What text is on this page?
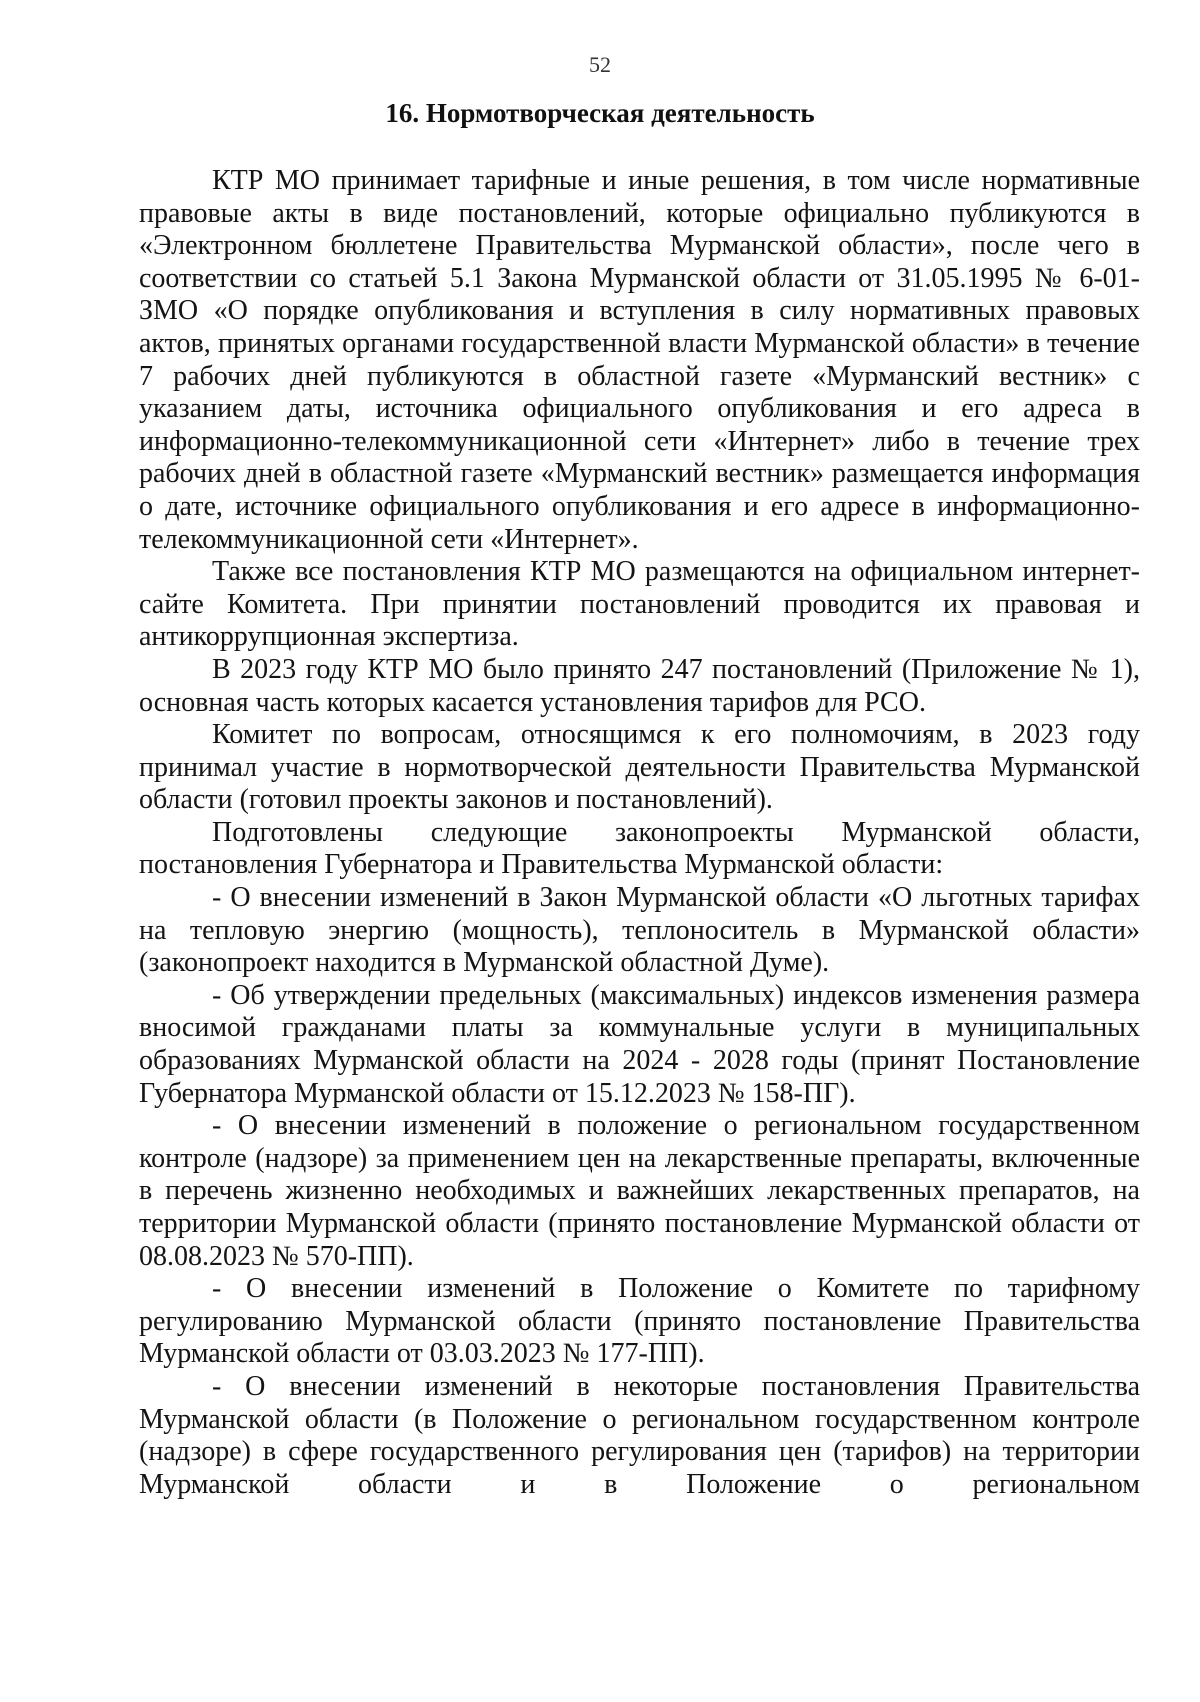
52
16. Нормотворческая деятельность

КТР МО принимает тарифные и иные решения, в том числе нормативные правовые акты в виде постановлений, которые официально публикуются в «Электронном бюллетене Правительства Мурманской области», после чего в соответствии со статьей 5.1 Закона Мурманской области от 31.05.1995 № 6-01-ЗМО «О порядке опубликования и вступления в силу нормативных правовых актов, принятых органами государственной власти Мурманской области» в течение 7 рабочих дней публикуются в областной газете «Мурманский вестник» с указанием даты, источника официального опубликования и его адреса в информационно-телекоммуникационной сети «Интернет» либо в течение трех рабочих дней в областной газете «Мурманский вестник» размещается информация о дате, источнике официального опубликования и его адресе в информационно-телекоммуникационной сети «Интернет».

Также все постановления КТР МО размещаются на официальном интернет-сайте Комитета. При принятии постановлений проводится их правовая и антикоррупционная экспертиза.

В 2023 году КТР МО было принято 247 постановлений (Приложение № 1), основная часть которых касается установления тарифов для РСО.

Комитет по вопросам, относящимся к его полномочиям, в 2023 году принимал участие в нормотворческой деятельности Правительства Мурманской области (готовил проекты законов и постановлений).

Подготовлены следующие законопроекты Мурманской области, постановления Губернатора и Правительства Мурманской области:

- О внесении изменений в Закон Мурманской области «О льготных тарифах на тепловую энергию (мощность), теплоноситель в Мурманской области» (законопроект находится в Мурманской областной Думе).

- Об утверждении предельных (максимальных) индексов изменения размера вносимой гражданами платы за коммунальные услуги в муниципальных образованиях Мурманской области на 2024 - 2028 годы (принят Постановление Губернатора Мурманской области от 15.12.2023 № 158-ПГ).

- О внесении изменений в положение о региональном государственном контроле (надзоре) за применением цен на лекарственные препараты, включенные в перечень жизненно необходимых и важнейших лекарственных препаратов, на территории Мурманской области (принято постановление Мурманской области от 08.08.2023 № 570-ПП).

- О внесении изменений в Положение о Комитете по тарифному регулированию Мурманской области (принято постановление Правительства Мурманской области от 03.03.2023 № 177-ПП).

- О внесении изменений в некоторые постановления Правительства Мурманской области (в Положение о региональном государственном контроле (надзоре) в сфере государственного регулирования цен (тарифов) на территории Мурманской области и в Положение о региональном
